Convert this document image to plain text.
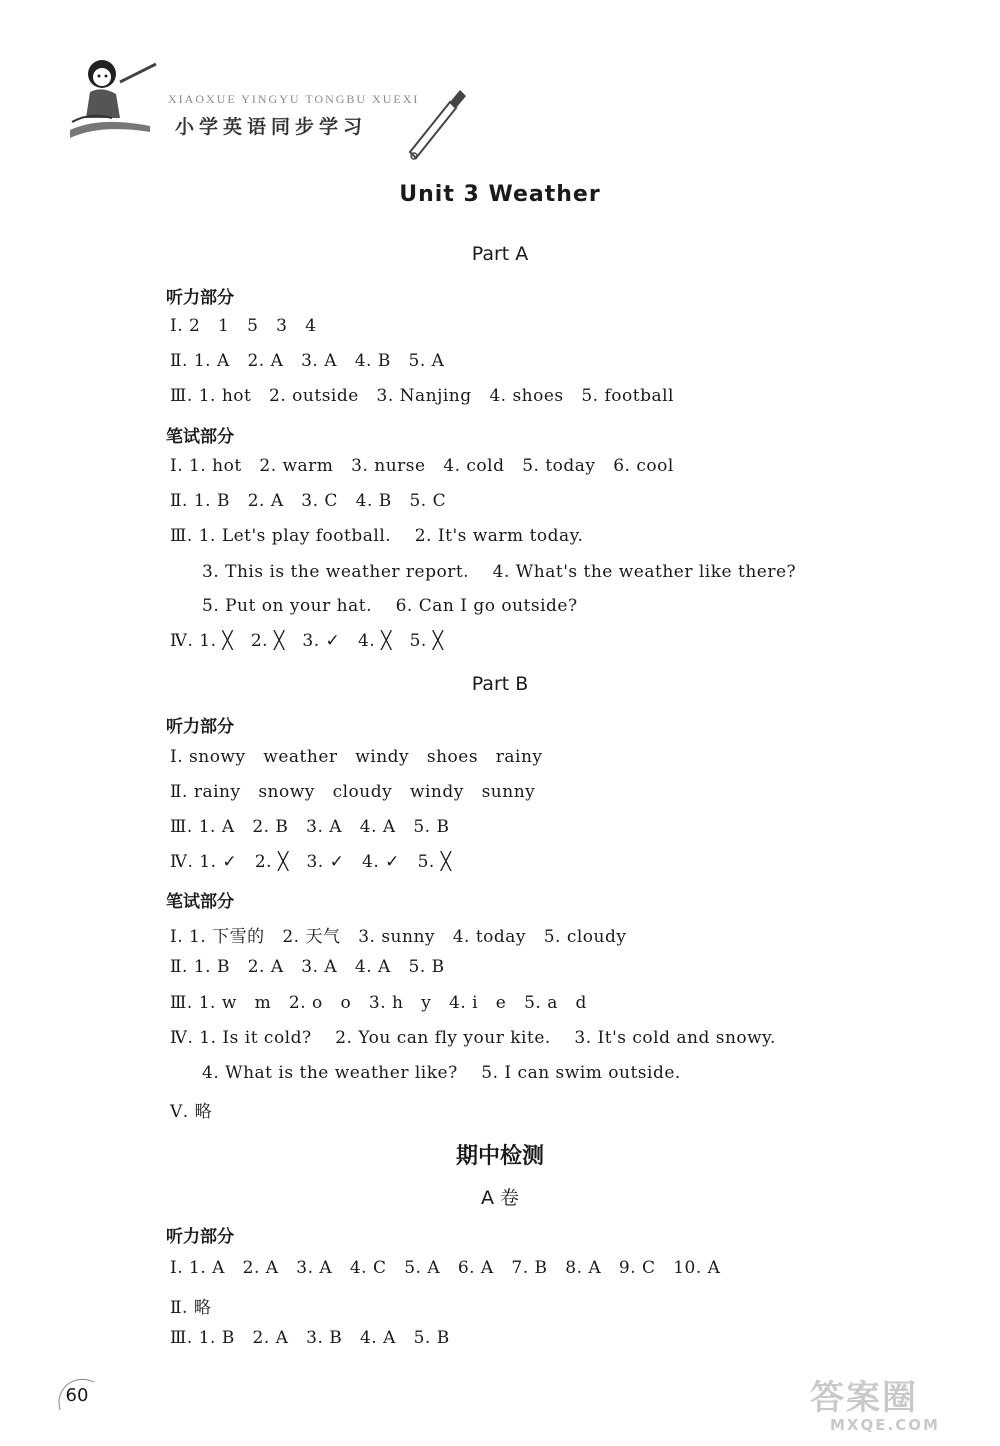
XIAOXUE YINGYU TONGBU XUEXI
小学英语同步学习
Unit 3 Weather
Part A
听力部分
Ⅰ. 2   1   5   3   4
Ⅱ. 1. A   2. A   3. A   4. B   5. A
Ⅲ. 1. hot   2. outside   3. Nanjing   4. shoes   5. football
笔试部分
Ⅰ. 1. hot   2. warm   3. nurse   4. cold   5. today   6. cool
Ⅱ. 1. B   2. A   3. C   4. B   5. C
Ⅲ. 1. Let's play football.    2. It's warm today.
3. This is the weather report.    4. What's the weather like there?
5. Put on your hat.    6. Can I go outside?
Ⅳ. 1. ╳   2. ╳   3. ✓   4. ╳   5. ╳
Part B
听力部分
Ⅰ. snowy   weather   windy   shoes   rainy
Ⅱ. rainy   snowy   cloudy   windy   sunny
Ⅲ. 1. A   2. B   3. A   4. A   5. B
Ⅳ. 1. ✓   2. ╳   3. ✓   4. ✓   5. ╳
笔试部分
Ⅰ. 1. 下雪的   2. 天气   3. sunny   4. today   5. cloudy
Ⅱ. 1. B   2. A   3. A   4. A   5. B
Ⅲ. 1. w   m   2. o   o   3. h   y   4. i   e   5. a   d
Ⅳ. 1. Is it cold?    2. You can fly your kite.    3. It's cold and snowy.
4. What is the weather like?    5. I can swim outside.
Ⅴ. 略
期中检测
A 卷
听力部分
Ⅰ. 1. A   2. A   3. A   4. C   5. A   6. A   7. B   8. A   9. C   10. A
Ⅱ. 略
Ⅲ. 1. B   2. A   3. B   4. A   5. B
60	答案圈
MXQE.COM
